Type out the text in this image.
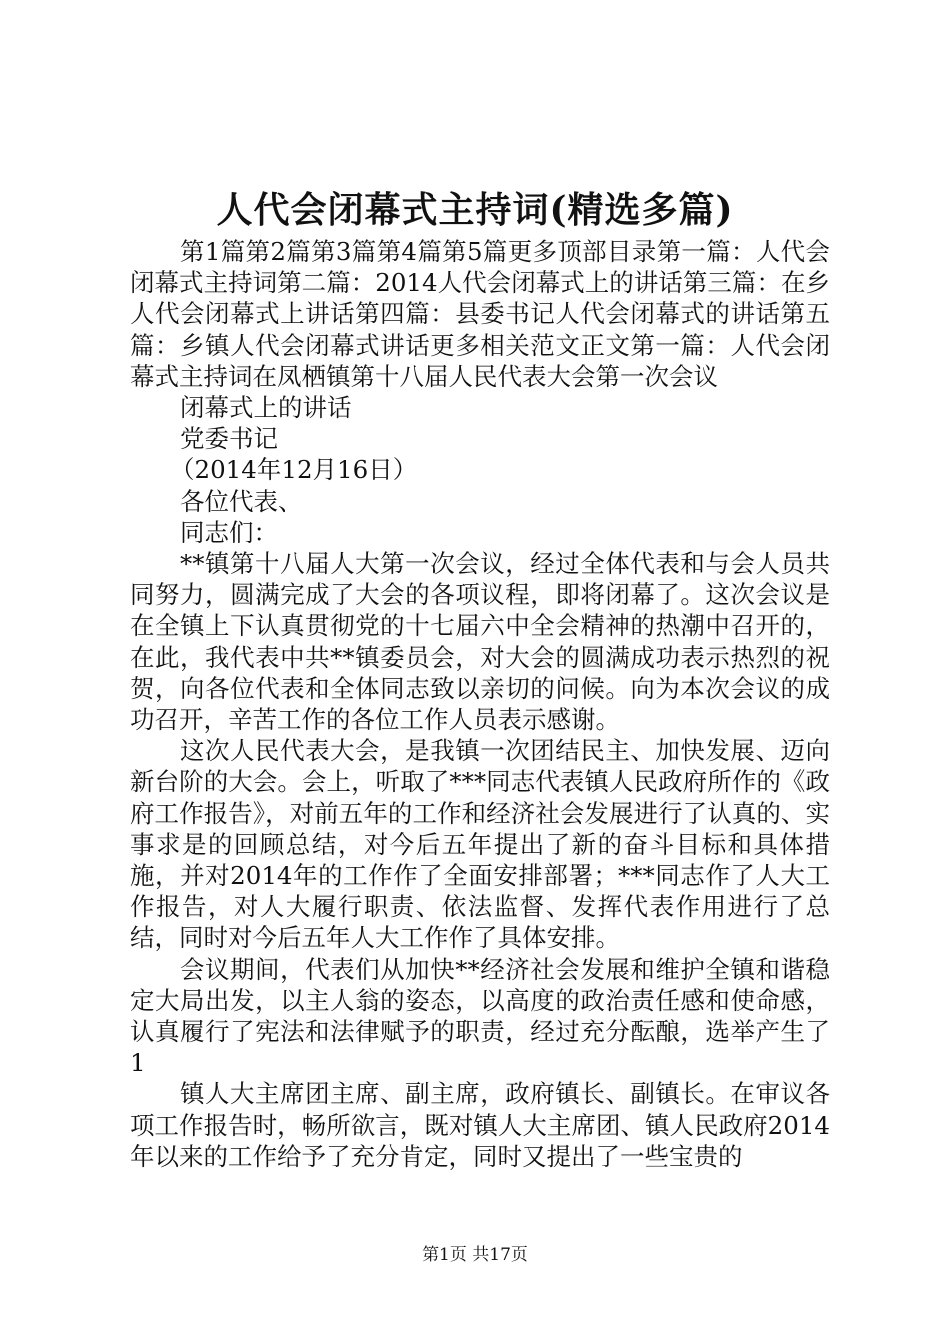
人代会闭幕式主持词(精选多篇)

第1篇第2篇第3篇第4篇第5篇更多顶部目录第一篇：人代会闭幕式主持词第二篇：2014人代会闭幕式上的讲话第三篇：在乡人代会闭幕式上讲话第四篇：县委书记人代会闭幕式的讲话第五篇：乡镇人代会闭幕式讲话更多相关范文正文第一篇：人代会闭幕式主持词在凤栖镇第十八届人民代表大会第一次会议

闭幕式上的讲话

党委书记

（2014年12月16日）

各位代表、

同志们：

**镇第十八届人大第一次会议，经过全体代表和与会人员共同努力，圆满完成了大会的各项议程，即将闭幕了。这次会议是在全镇上下认真贯彻党的十七届六中全会精神的热潮中召开的，在此，我代表中共**镇委员会，对大会的圆满成功表示热烈的祝贺，向各位代表和全体同志致以亲切的问候。向为本次会议的成功召开，辛苦工作的各位工作人员表示感谢。

这次人民代表大会，是我镇一次团结民主、加快发展、迈向新台阶的大会。会上，听取了***同志代表镇人民政府所作的《政府工作报告》，对前五年的工作和经济社会发展进行了认真的、实事求是的回顾总结，对今后五年提出了新的奋斗目标和具体措施，并对2014年的工作作了全面安排部署；***同志作了人大工作报告，对人大履行职责、依法监督、发挥代表作用进行了总结，同时对今后五年人大工作作了具体安排。

会议期间，代表们从加快**经济社会发展和维护全镇和谐稳定大局出发，以主人翁的姿态，以高度的政治责任感和使命感，认真履行了宪法和法律赋予的职责，经过充分酝酿，选举产生了1

镇人大主席团主席、副主席，政府镇长、副镇长。在审议各项工作报告时，畅所欲言，既对镇人大主席团、镇人民政府2014年以来的工作给予了充分肯定，同时又提出了一些宝贵的

第1页 共17页
